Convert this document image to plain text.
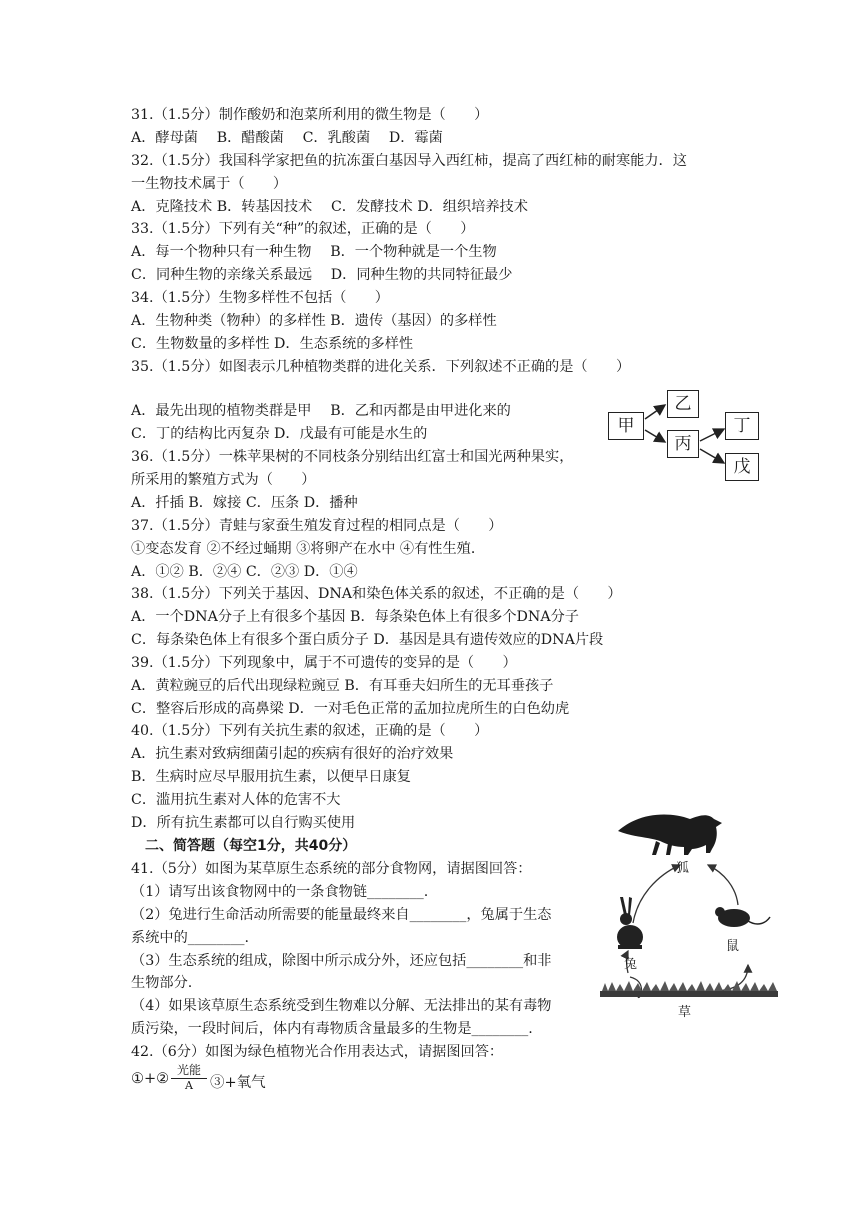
31.（1.5分）制作酸奶和泡菜所利用的微生物是（　　）
A．酵母菌　 B．醋酸菌　 C．乳酸菌　 D．霉菌
32.（1.5分）我国科学家把鱼的抗冻蛋白基因导入西红柿，提高了西红柿的耐寒能力．这
一生物技术属于（　　）
A．克隆技术 B．转基因技术　 C．发酵技术 D．组织培养技术
33.（1.5分）下列有关“种”的叙述，正确的是（　　）
A．每一个物种只有一种生物　 B．一个物种就是一个生物
C．同种生物的亲缘关系最远　 D．同种生物的共同特征最少
34.（1.5分）生物多样性不包括（　　）
A．生物种类（物种）的多样性 B．遗传（基因）的多样性
C．生物数量的多样性 D．生态系统的多样性
35.（1.5分）如图表示几种植物类群的进化关系．下列叙述不正确的是（　　）
A．最先出现的植物类群是甲　 B．乙和丙都是由甲进化来的
C．丁的结构比丙复杂 D．戊最有可能是水生的
36.（1.5分）一株苹果树的不同枝条分别结出红富士和国光两种果实，
所采用的繁殖方式为（　　）
A．扦插 B．嫁接 C．压条 D．播种
37.（1.5分）青蛙与家蚕生殖发育过程的相同点是（　　）
①变态发育 ②不经过蛹期 ③将卵产在水中 ④有性生殖．
A．①② B．②④ C．②③ D．①④
38.（1.5分）下列关于基因、DNA和染色体关系的叙述，不正确的是（　　）
A．一个DNA分子上有很多个基因 B．每条染色体上有很多个DNA分子
C．每条染色体上有很多个蛋白质分子 D．基因是具有遗传效应的DNA片段
39.（1.5分）下列现象中，属于不可遗传的变异的是（　　）
A．黄粒豌豆的后代出现绿粒豌豆 B．有耳垂夫妇所生的无耳垂孩子
C．整容后形成的高鼻梁 D．一对毛色正常的孟加拉虎所生的白色幼虎
40.（1.5分）下列有关抗生素的叙述，正确的是（　　）
A．抗生素对致病细菌引起的疾病有很好的治疗效果
B．生病时应尽早服用抗生素，以便早日康复
C．滥用抗生素对人体的危害不大
D．所有抗生素都可以自行购买使用
　二、简答题（每空1分，共40分）
41.（5分）如图为某草原生态系统的部分食物网，请据图回答：
（1）请写出该食物网中的一条食物链________.
（2）兔进行生命活动所需要的能量最终来自________，兔属于生态
系统中的________.
（3）生态系统的组成，除图中所示成分外，还应包括________和非
生物部分.
（4）如果该草原生态系统受到生物难以分解、无法排出的某有毒物
质污染，一段时间后，体内有毒物质含量最多的生物是________.
42.（6分）如图为绿色植物光合作用表达式，请据图回答：
甲
乙
丙
丁
戊
狐
兔
鼠
草
①+②
光能
A	③+氧气
